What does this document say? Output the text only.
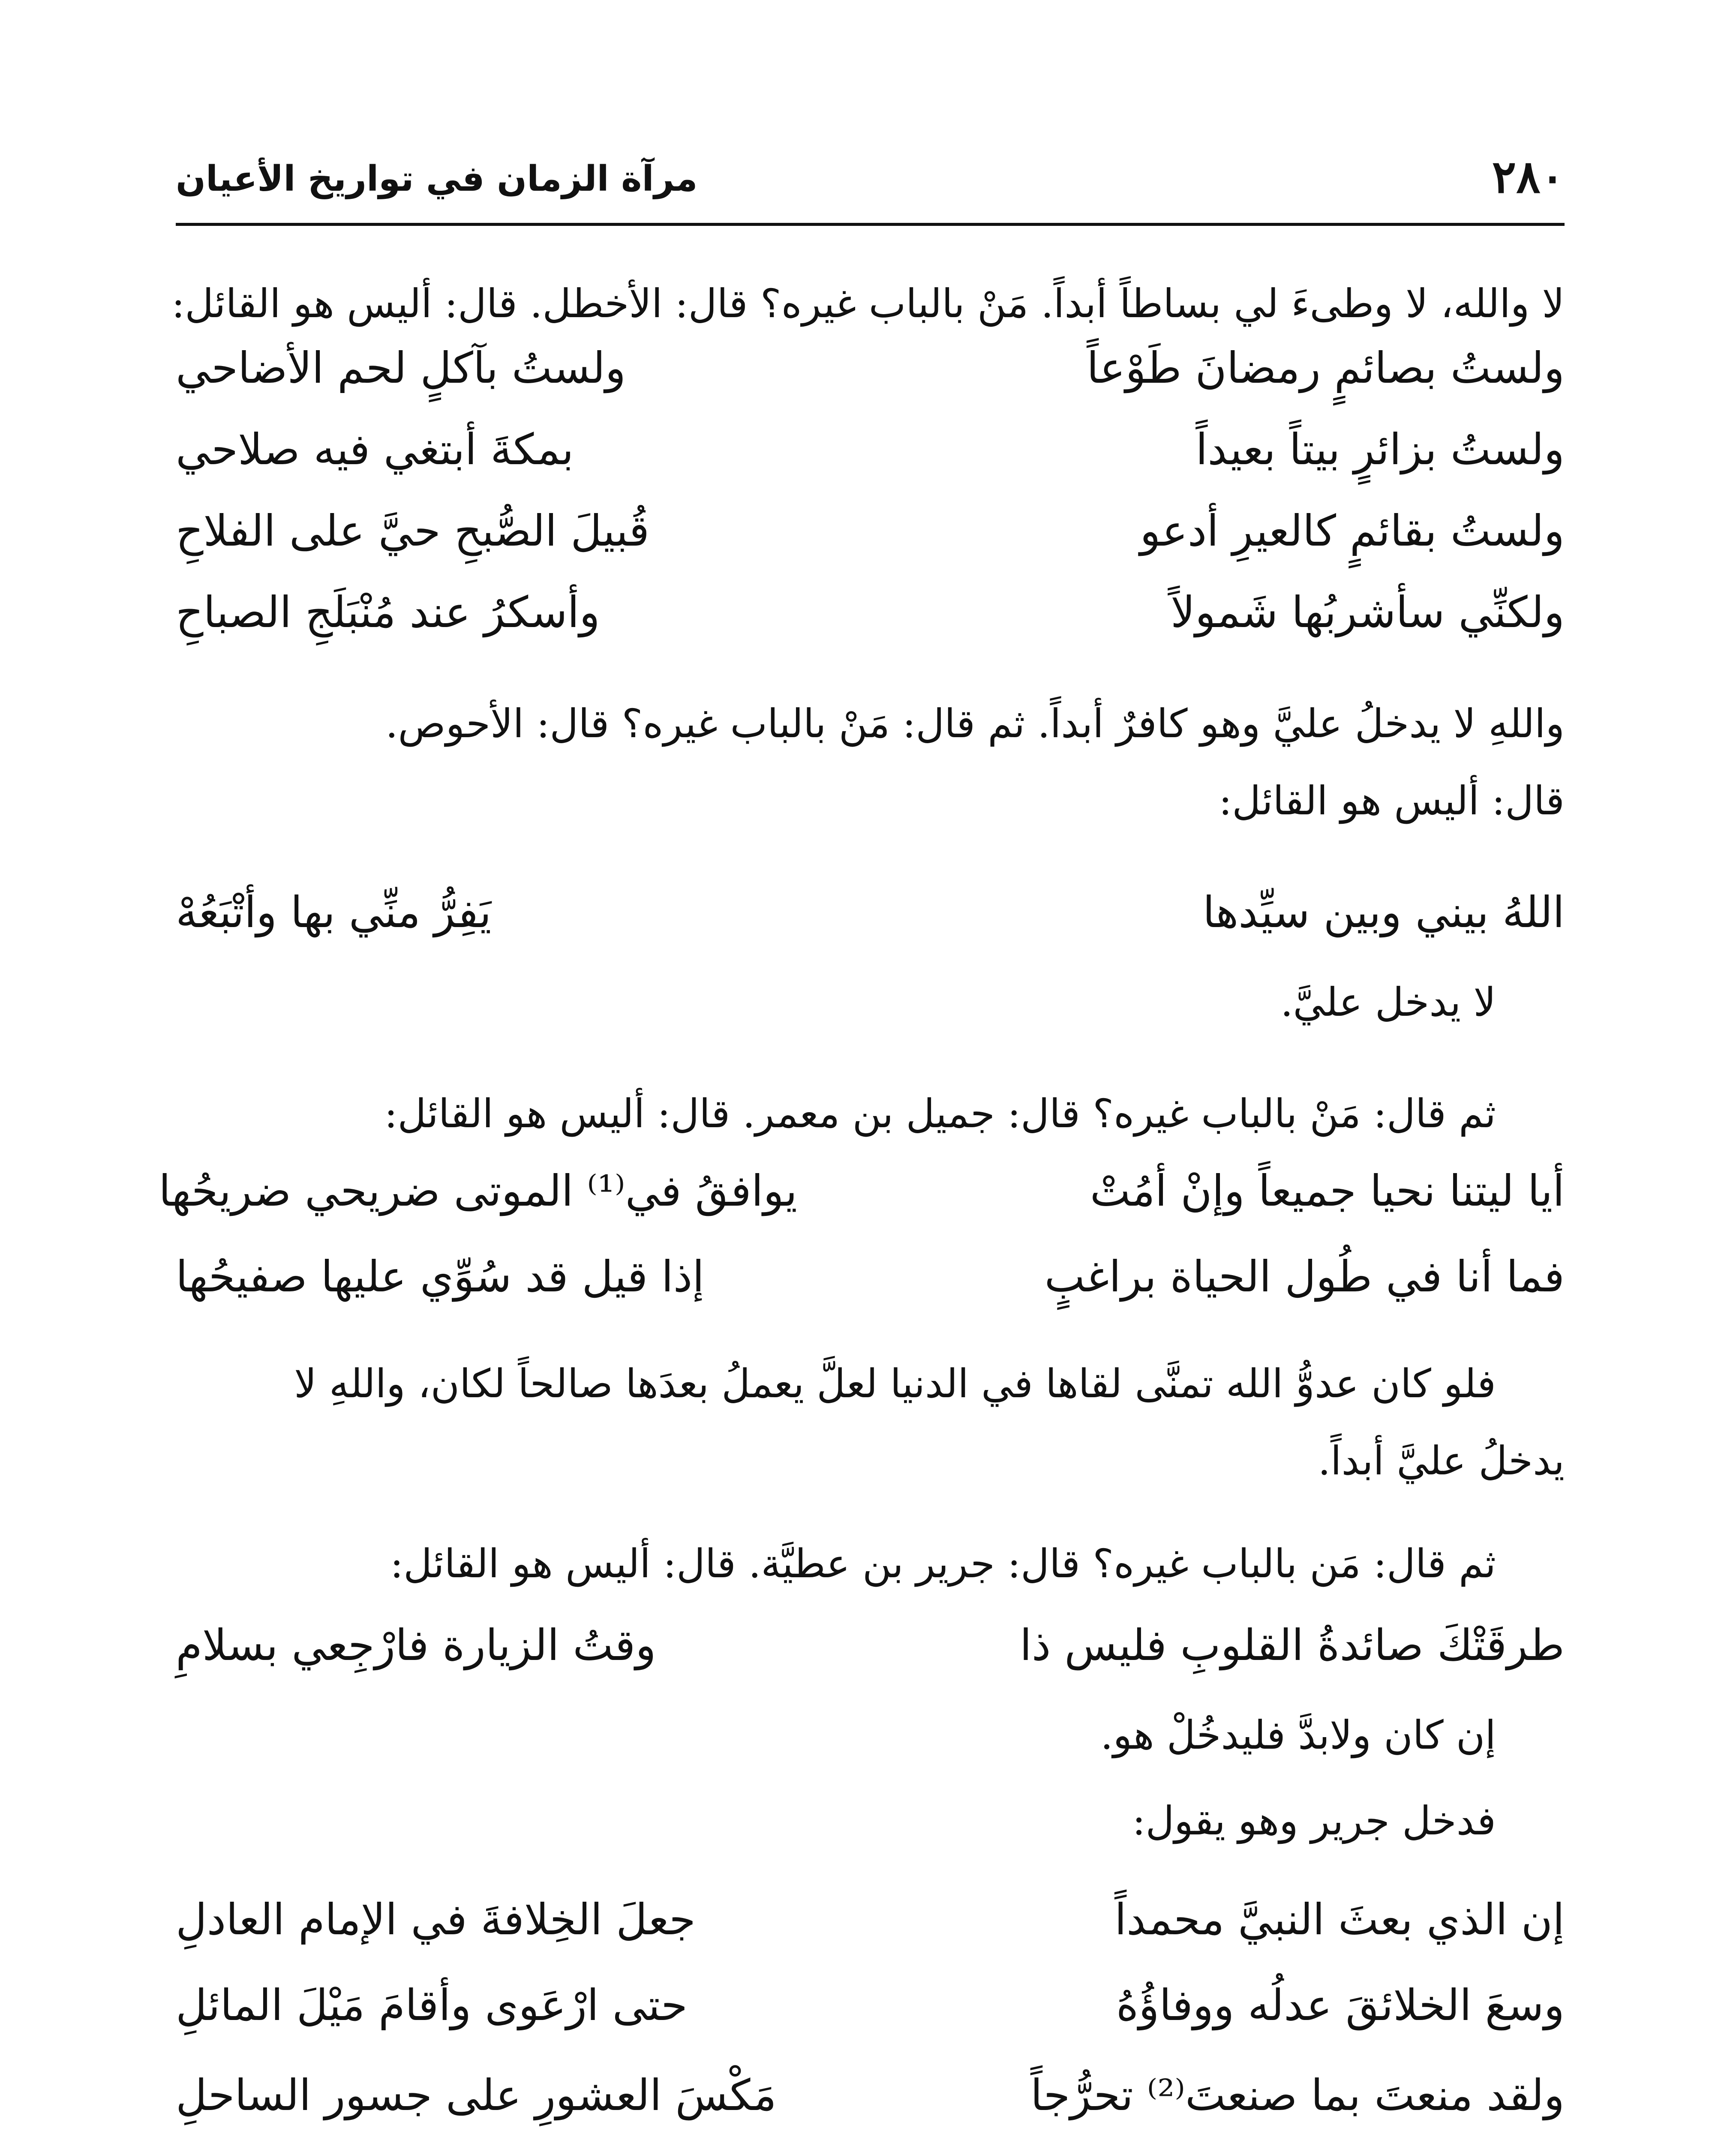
٢٨٠
مرآة الزمان في تواريخ الأعيان
لا والله، لا وطىءَ لي بساطاً أبداً. مَنْ بالباب غيره؟ قال: الأخطل. قال: أليس هو القائل:
ولستُ بصائمٍ رمضانَ طَوْعاً
ولستُ بآكلٍ لحم الأضاحي
ولستُ بزائرٍ بيتاً بعيداً
بمكةَ أبتغي فيه صلاحي
ولستُ بقائمٍ كالعيرِ أدعو
قُبيلَ الصُّبحِ حيَّ على الفلاحِ
ولكنِّي سأشربُها شَمولاً
وأسكرُ عند مُنْبَلَجِ الصباحِ
واللهِ لا يدخلُ عليَّ وهو كافرٌ أبداً. ثم قال: مَنْ بالباب غيره؟ قال: الأحوص.
قال: أليس هو القائل:
اللهُ بيني وبين سيِّدها
يَفِرُّ منِّي بها وأتْبَعُهْ
لا يدخل عليَّ.
ثم قال: مَنْ بالباب غيره؟ قال: جميل بن معمر. قال: أليس هو القائل:
أيا ليتنا نحيا جميعاً وإنْ أمُتْ
يوافقُ في⁽¹⁾ الموتى ضريحي ضريحُها
فما أنا في طُول الحياة براغبٍ
إذا قيل قد سُوِّي عليها صفيحُها
فلو كان عدوُّ الله تمنَّى لقاها في الدنيا لعلَّ يعملُ بعدَها صالحاً لكان، واللهِ لا
يدخلُ عليَّ أبداً.
ثم قال: مَن بالباب غيره؟ قال: جرير بن عطيَّة. قال: أليس هو القائل:
طرقَتْكَ صائدةُ القلوبِ فليس ذا
وقتُ الزيارة فارْجِعي بسلامِ
إن كان ولابدَّ فليدخُلْ هو.
فدخل جرير وهو يقول:
إن الذي بعثَ النبيَّ محمداً
جعلَ الخِلافةَ في الإمام العادلِ
وسعَ الخلائقَ عدلُه ووفاؤُهُ
حتى ارْعَوى وأقامَ مَيْلَ المائلِ
ولقد منعتَ بما صنعتَ⁽²⁾ تحرُّجاً
مَكْسَ العشورِ على جسور الساحلِ
